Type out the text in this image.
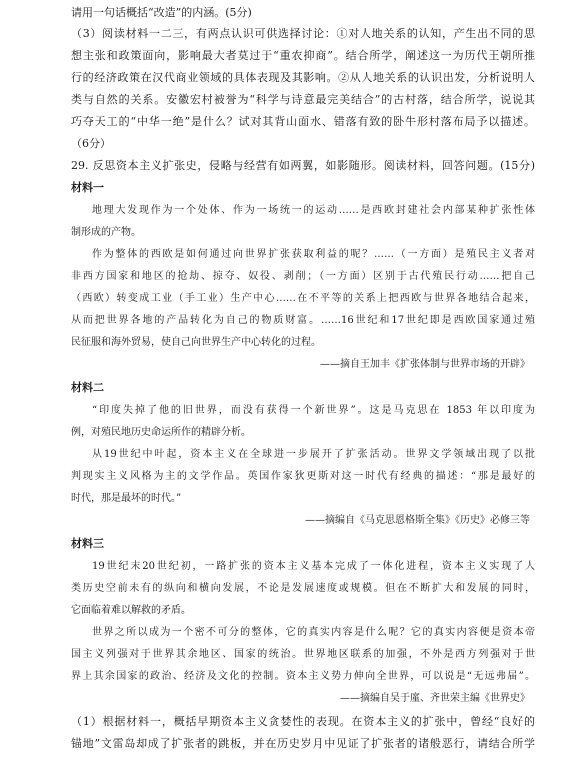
请用一句话概括“改造”的内涵。(5分)
（3）阅读材料一二三，有两点认识可供选择讨论：①对人地关系的认知，产生出不同的思
想主张和政策面向，影响最大者莫过于“重农抑商”。结合所学，阐述这一为历代王朝所推
行的经济政策在汉代商业领域的具体表现及其影响。②从人地关系的认识出发，分析说明人
类与自然的关系。安徽宏村被誉为“科学与诗意最完美结合”的古村落，结合所学，说说其
巧夺天工的“中华一绝”是什么？试对其背山面水、错落有致的卧牛形村落布局予以描述。
（6分）
29. 反思资本主义扩张史，侵略与经营有如两翼，如影随形。阅读材料，回答问题。(15分)
材料一
地理大发现作为一个处体、作为一场统一的运动……是西欧封建社会内部某种扩张性体
制形成的产物。
作为整体的西欧是如何通过向世界扩张获取利益的呢？……（一方面）是殖民主义者对
非西方国家和地区的抢劫、掠夺、奴役、剥削；（一方面）区别于古代殖民行动……把自己
（西欧）转变成工业（手工业）生产中心……在不平等的关系上把西欧与世界各地结合起来，
从而把世界各地的产品转化为自己的物质财富。……16世纪和17世纪即是西欧国家通过殖
民征服和海外贸易，使自己向世界生产中心转化的过程。
——摘自王加丰《扩张体制与世界市场的开辟》
材料二
“印度失掉了他的旧世界，而没有获得一个新世界”。这是马克思在 1853 年以印度为
例，对殖民地历史命运所作的精辟分析。
从19世纪中叶起，资本主义在全球进一步展开了扩张活动。世界文学领域出现了以批
判现实主义风格为主的文学作品。英国作家狄更斯对这一时代有经典的描述：“那是最好的
时代，那是最坏的时代。”
——摘编自《马克思恩格斯全集》《历史》必修三等
材料三
19世纪末20世纪初，一路扩张的资本主义基本完成了一体化进程，资本主义实现了人
类历史空前未有的纵向和横向发展，不论是发展速度或规模。但在不断扩大和发展的同时，
它面临着难以解救的矛盾。
世界之所以成为一个密不可分的整体，它的真实内容是什么呢？它的真实内容便是资本帝
国主义列强对于世界其余地区、国家的统治。世界地区联系的加强，不外是西方列强对于世
界上其余国家的政治、经济及文化的控制。资本主义势力伸向全世界，可以说是“无远弗届”。
——摘编自吴于廑、齐世荣主编《世界史》
（1）根据材料一，概括早期资本主义贪婪性的表现。在资本主义的扩张中，曾经“良好的
锚地”文雷岛却成了扩张者的跳板，并在历史岁月中见证了扩张者的诸般恶行，请结合所学
